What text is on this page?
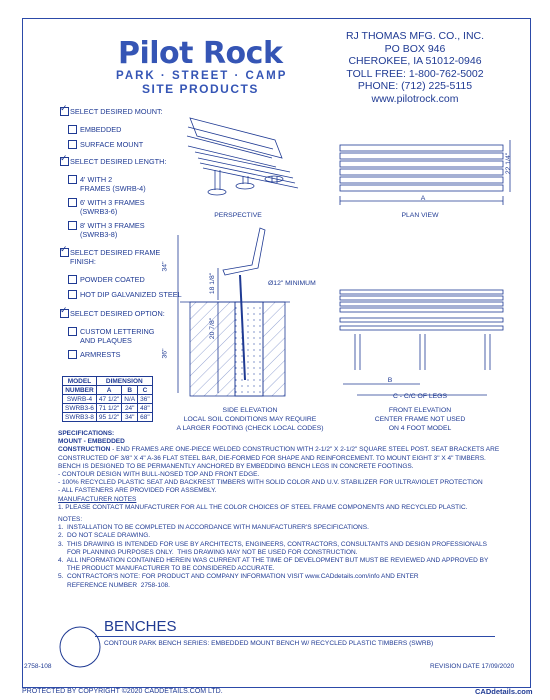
Pilot Rock
PARK · STREET · CAMP
SITE PRODUCTS
RJ THOMAS MFG. CO., INC.
PO BOX 946
CHEROKEE, IA 51012-0946
TOLL FREE: 1-800-762-5002
PHONE: (712) 225-5115
www.pilotrock.com
✓
SELECT DESIRED MOUNT:
EMBEDDED
SURFACE MOUNT
✓
SELECT DESIRED LENGTH:
4' WITH 2
FRAMES (SWRB-4)
6' WITH 3 FRAMES
(SWRB3-6)
8' WITH 3 FRAMES
(SWRB3-8)
✓
SELECT DESIRED FRAME
FINISH:
POWDER COATED
HOT DIP GALVANIZED STEEL
✓
SELECT DESIRED OPTION:
CUSTOM LETTERING
AND PLAQUES
ARMRESTS
PERSPECTIVE	PLAN VIEW
A
22 1/4"
34"
18 1/8"
20 7/8"
36"
Ø12" MINIMUM
SIDE ELEVATION
LOCAL SOIL CONDITIONS MAY REQUIRE
A LARGER FOOTING (CHECK LOCAL CODES)
B
C - C/C OF LEGS
FRONT ELEVATION
CENTER FRAME NOT USED
ON 4 FOOT MODEL
MODEL	DIMENSION		
NUMBER	A	B	C
SWRB-4	47 1/2"	N/A	36"
SWRB3-6	71 1/2"	24"	48"
SWRB3-8	95 1/2"	34"	68"
SPECIFICATIONS:
MOUNT - EMBEDDED
CONSTRUCTION - END FRAMES ARE ONE-PIECE WELDED CONSTRUCTION WITH 2-1/2" X 2-1/2" SQUARE STEEL POST. SEAT BRACKETS ARE CONSTRUCTED OF 3/8" X 4" A-36 FLAT STEEL BAR, DIE-FORMED FOR SHAPE AND REINFORCEMENT. TO MOUNT EIGHT 3" X 4" TIMBERS. BENCH IS DESIGNED TO BE PERMANENTLY ANCHORED BY EMBEDDING BENCH LEGS IN CONCRETE FOOTINGS.
- CONTOUR DESIGN WITH BULL-NOSED TOP AND FRONT EDGE.
- 100% RECYCLED PLASTIC SEAT AND BACKREST TIMBERS WITH SOLID COLOR AND U.V. STABILIZER FOR ULTRAVIOLET PROTECTION
- ALL FASTENERS ARE PROVIDED FOR ASSEMBLY.
MANUFACTURER NOTES
1. PLEASE CONTACT MANUFACTURER FOR ALL THE COLOR CHOICES OF STEEL FRAME COMPONENTS AND RECYCLED PLASTIC.
NOTES:
1.  INSTALLATION TO BE COMPLETED IN ACCORDANCE WITH MANUFACTURER'S SPECIFICATIONS.
2.  DO NOT SCALE DRAWING.
3.  THIS DRAWING IS INTENDED FOR USE BY ARCHITECTS, ENGINEERS, CONTRACTORS, CONSULTANTS AND DESIGN PROFESSIONALS
FOR PLANNING PURPOSES ONLY.  THIS DRAWING MAY NOT BE USED FOR CONSTRUCTION.
4.  ALL INFORMATION CONTAINED HEREIN WAS CURRENT AT THE TIME OF DEVELOPMENT BUT MUST BE REVIEWED AND APPROVED BY
THE PRODUCT MANUFACTURER TO BE CONSIDERED ACCURATE.
5.  CONTRACTOR'S NOTE: FOR PRODUCT AND COMPANY INFORMATION VISIT www.CADdetails.com/info AND ENTER
REFERENCE NUMBER  2758-108.
BENCHES
CONTOUR PARK BENCH SERIES: EMBEDDED MOUNT BENCH W/ RECYCLED PLASTIC TIMBERS (SWRB)
2758-108	REVISION DATE 17/09/2020
PROTECTED BY COPYRIGHT ©2020 CADDETAILS.COM LTD.	CADdetails.com
